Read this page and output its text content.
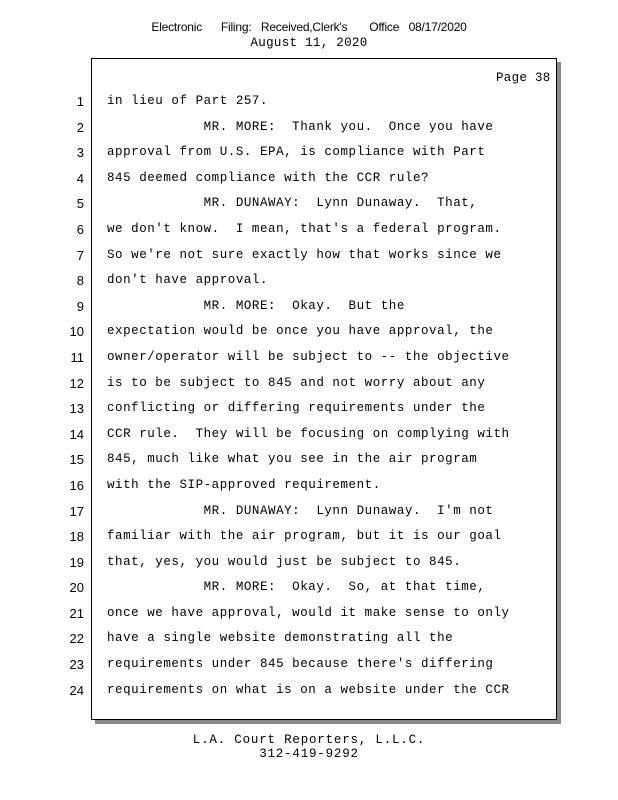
Electronic      Filing:   Received,Clerk's       Office   08/17/2020
August 11, 2020
Page 38
1 in lieu of Part 257.
2 MR. MORE:  Thank you.  Once you have
3 approval from U.S. EPA, is compliance with Part
4 845 deemed compliance with the CCR rule?
5 MR. DUNAWAY:  Lynn Dunaway.  That,
6 we don't know.  I mean, that's a federal program.
7 So we're not sure exactly how that works since we
8 don't have approval.
9 MR. MORE:  Okay.  But the
10 expectation would be once you have approval, the
11 owner/operator will be subject to -- the objective
12 is to be subject to 845 and not worry about any
13 conflicting or differing requirements under the
14 CCR rule.  They will be focusing on complying with
15 845, much like what you see in the air program
16 with the SIP-approved requirement.
17 MR. DUNAWAY:  Lynn Dunaway.  I'm not
18 familiar with the air program, but it is our goal
19 that, yes, you would just be subject to 845.
20 MR. MORE:  Okay.  So, at that time,
21 once we have approval, would it make sense to only
22 have a single website demonstrating all the
23 requirements under 845 because there's differing
24 requirements on what is on a website under the CCR
L.A. Court Reporters, L.L.C.
312-419-9292
